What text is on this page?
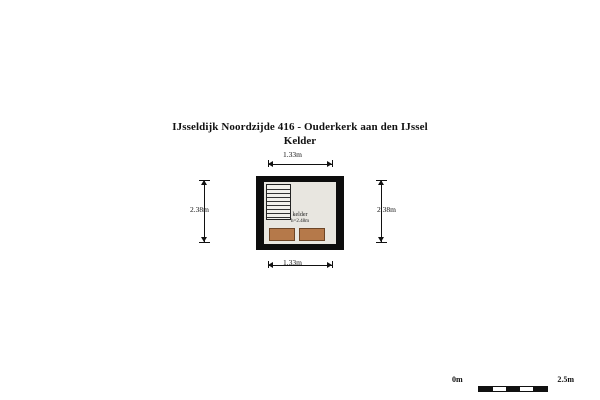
IJsseldijk Noordzijde 416 - Ouderkerk aan den IJssel
Kelder
1.33m
2.38m	2.38m
1.33m
kelder
h=2.48m
0m	2.5m
